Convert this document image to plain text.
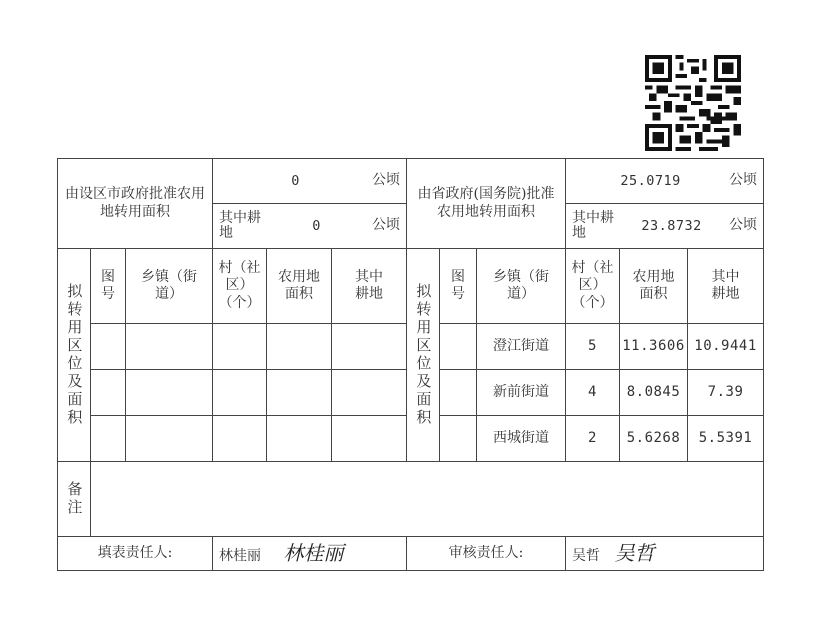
由设区市政府批准农用地转用面积			0 公顷			由省政府(国务院)批准农用地转用面积			25.0719 公顷		

			其中耕地 0 公顷						其中耕地 23.8732 公顷		

拟转用区位及面积	图号	乡镇（街道）	村（社区）（个）	农用地面积	其中耕地	拟转用区位及面积	图号	乡镇（街道）	村（社区）（个）	农用地面积	其中耕地

								澄江街道	5	11.3606	10.9441
								新前街道	4	8.0845	7.39
								西城街道	2	5.6268	5.5391

备注											

填表责任人:			林桂丽 林桂丽			审核责任人:			吴哲 吴哲		
